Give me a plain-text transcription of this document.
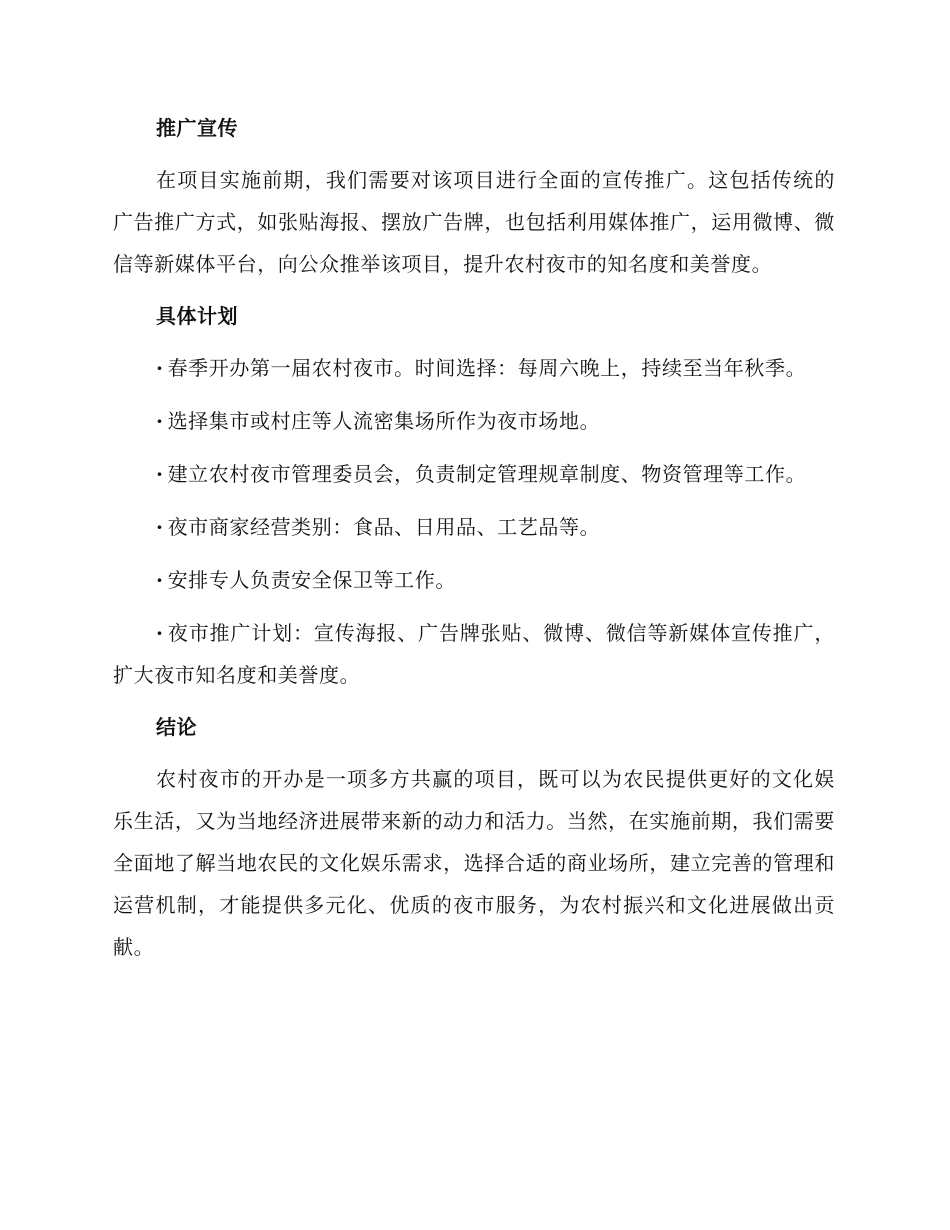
推广宣传

在项目实施前期，我们需要对该项目进行全面的宣传推广。这包括传统的广告推广方式，如张贴海报、摆放广告牌，也包括利用媒体推广，运用微博、微信等新媒体平台，向公众推举该项目，提升农村夜市的知名度和美誉度。

具体计划

· 春季开办第一届农村夜市。时间选择：每周六晚上，持续至当年秋季。

· 选择集市或村庄等人流密集场所作为夜市场地。

· 建立农村夜市管理委员会，负责制定管理规章制度、物资管理等工作。

· 夜市商家经营类别：食品、日用品、工艺品等。

· 安排专人负责安全保卫等工作。

· 夜市推广计划：宣传海报、广告牌张贴、微博、微信等新媒体宣传推广，扩大夜市知名度和美誉度。

结论

农村夜市的开办是一项多方共赢的项目，既可以为农民提供更好的文化娱乐生活，又为当地经济进展带来新的动力和活力。当然，在实施前期，我们需要全面地了解当地农民的文化娱乐需求，选择合适的商业场所，建立完善的管理和运营机制，才能提供多元化、优质的夜市服务，为农村振兴和文化进展做出贡献。
